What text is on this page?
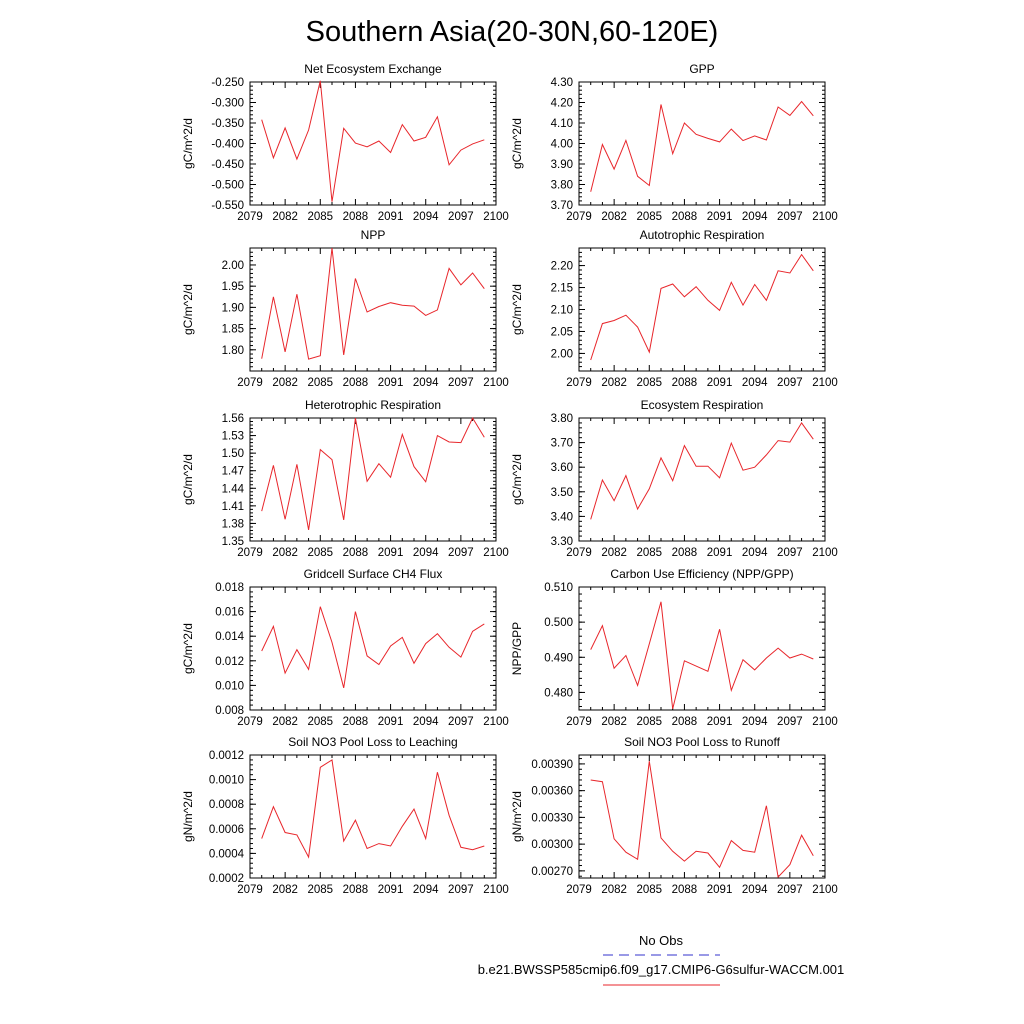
Southern Asia(20-30N,60-120E)
Net Ecosystem Exchange
2079 2082 2085 2088 2091 2094 2097 2100
-0.550
-0.500
-0.450
-0.400
-0.350
-0.300
-0.250
gC/m^2/d
GPP
2079 2082 2085 2088 2091 2094 2097 2100
3.70
3.80
3.90
4.00
4.10
4.20
4.30
gC/m^2/d
NPP
2079 2082 2085 2088 2091 2094 2097 2100
1.80
1.85
1.90
1.95
2.00
gC/m^2/d
Autotrophic Respiration
2079 2082 2085 2088 2091 2094 2097 2100
2.00
2.05
2.10
2.15
2.20
gC/m^2/d
Heterotrophic Respiration
2079 2082 2085 2088 2091 2094 2097 2100
1.35
1.38
1.41
1.44
1.47
1.50
1.53
1.56
gC/m^2/d
Ecosystem Respiration
2079 2082 2085 2088 2091 2094 2097 2100
3.30
3.40
3.50
3.60
3.70
3.80
gC/m^2/d
Gridcell Surface CH4 Flux
2079 2082 2085 2088 2091 2094 2097 2100
0.008
0.010
0.012
0.014
0.016
0.018
gC/m^2/d
Carbon Use Efficiency (NPP/GPP)
2079 2082 2085 2088 2091 2094 2097 2100
0.480
0.490
0.500
0.510
NPP/GPP
Soil NO3 Pool Loss to Leaching
2079 2082 2085 2088 2091 2094 2097 2100
0.0002
0.0004
0.0006
0.0008
0.0010
0.0012
gN/m^2/d
Soil NO3 Pool Loss to Runoff
2079 2082 2085 2088 2091 2094 2097 2100
0.00270
0.00300
0.00330
0.00360
0.00390
gN/m^2/d
No Obs
b.e21.BWSSP585cmip6.f09_g17.CMIP6-G6sulfur-WACCM.001
